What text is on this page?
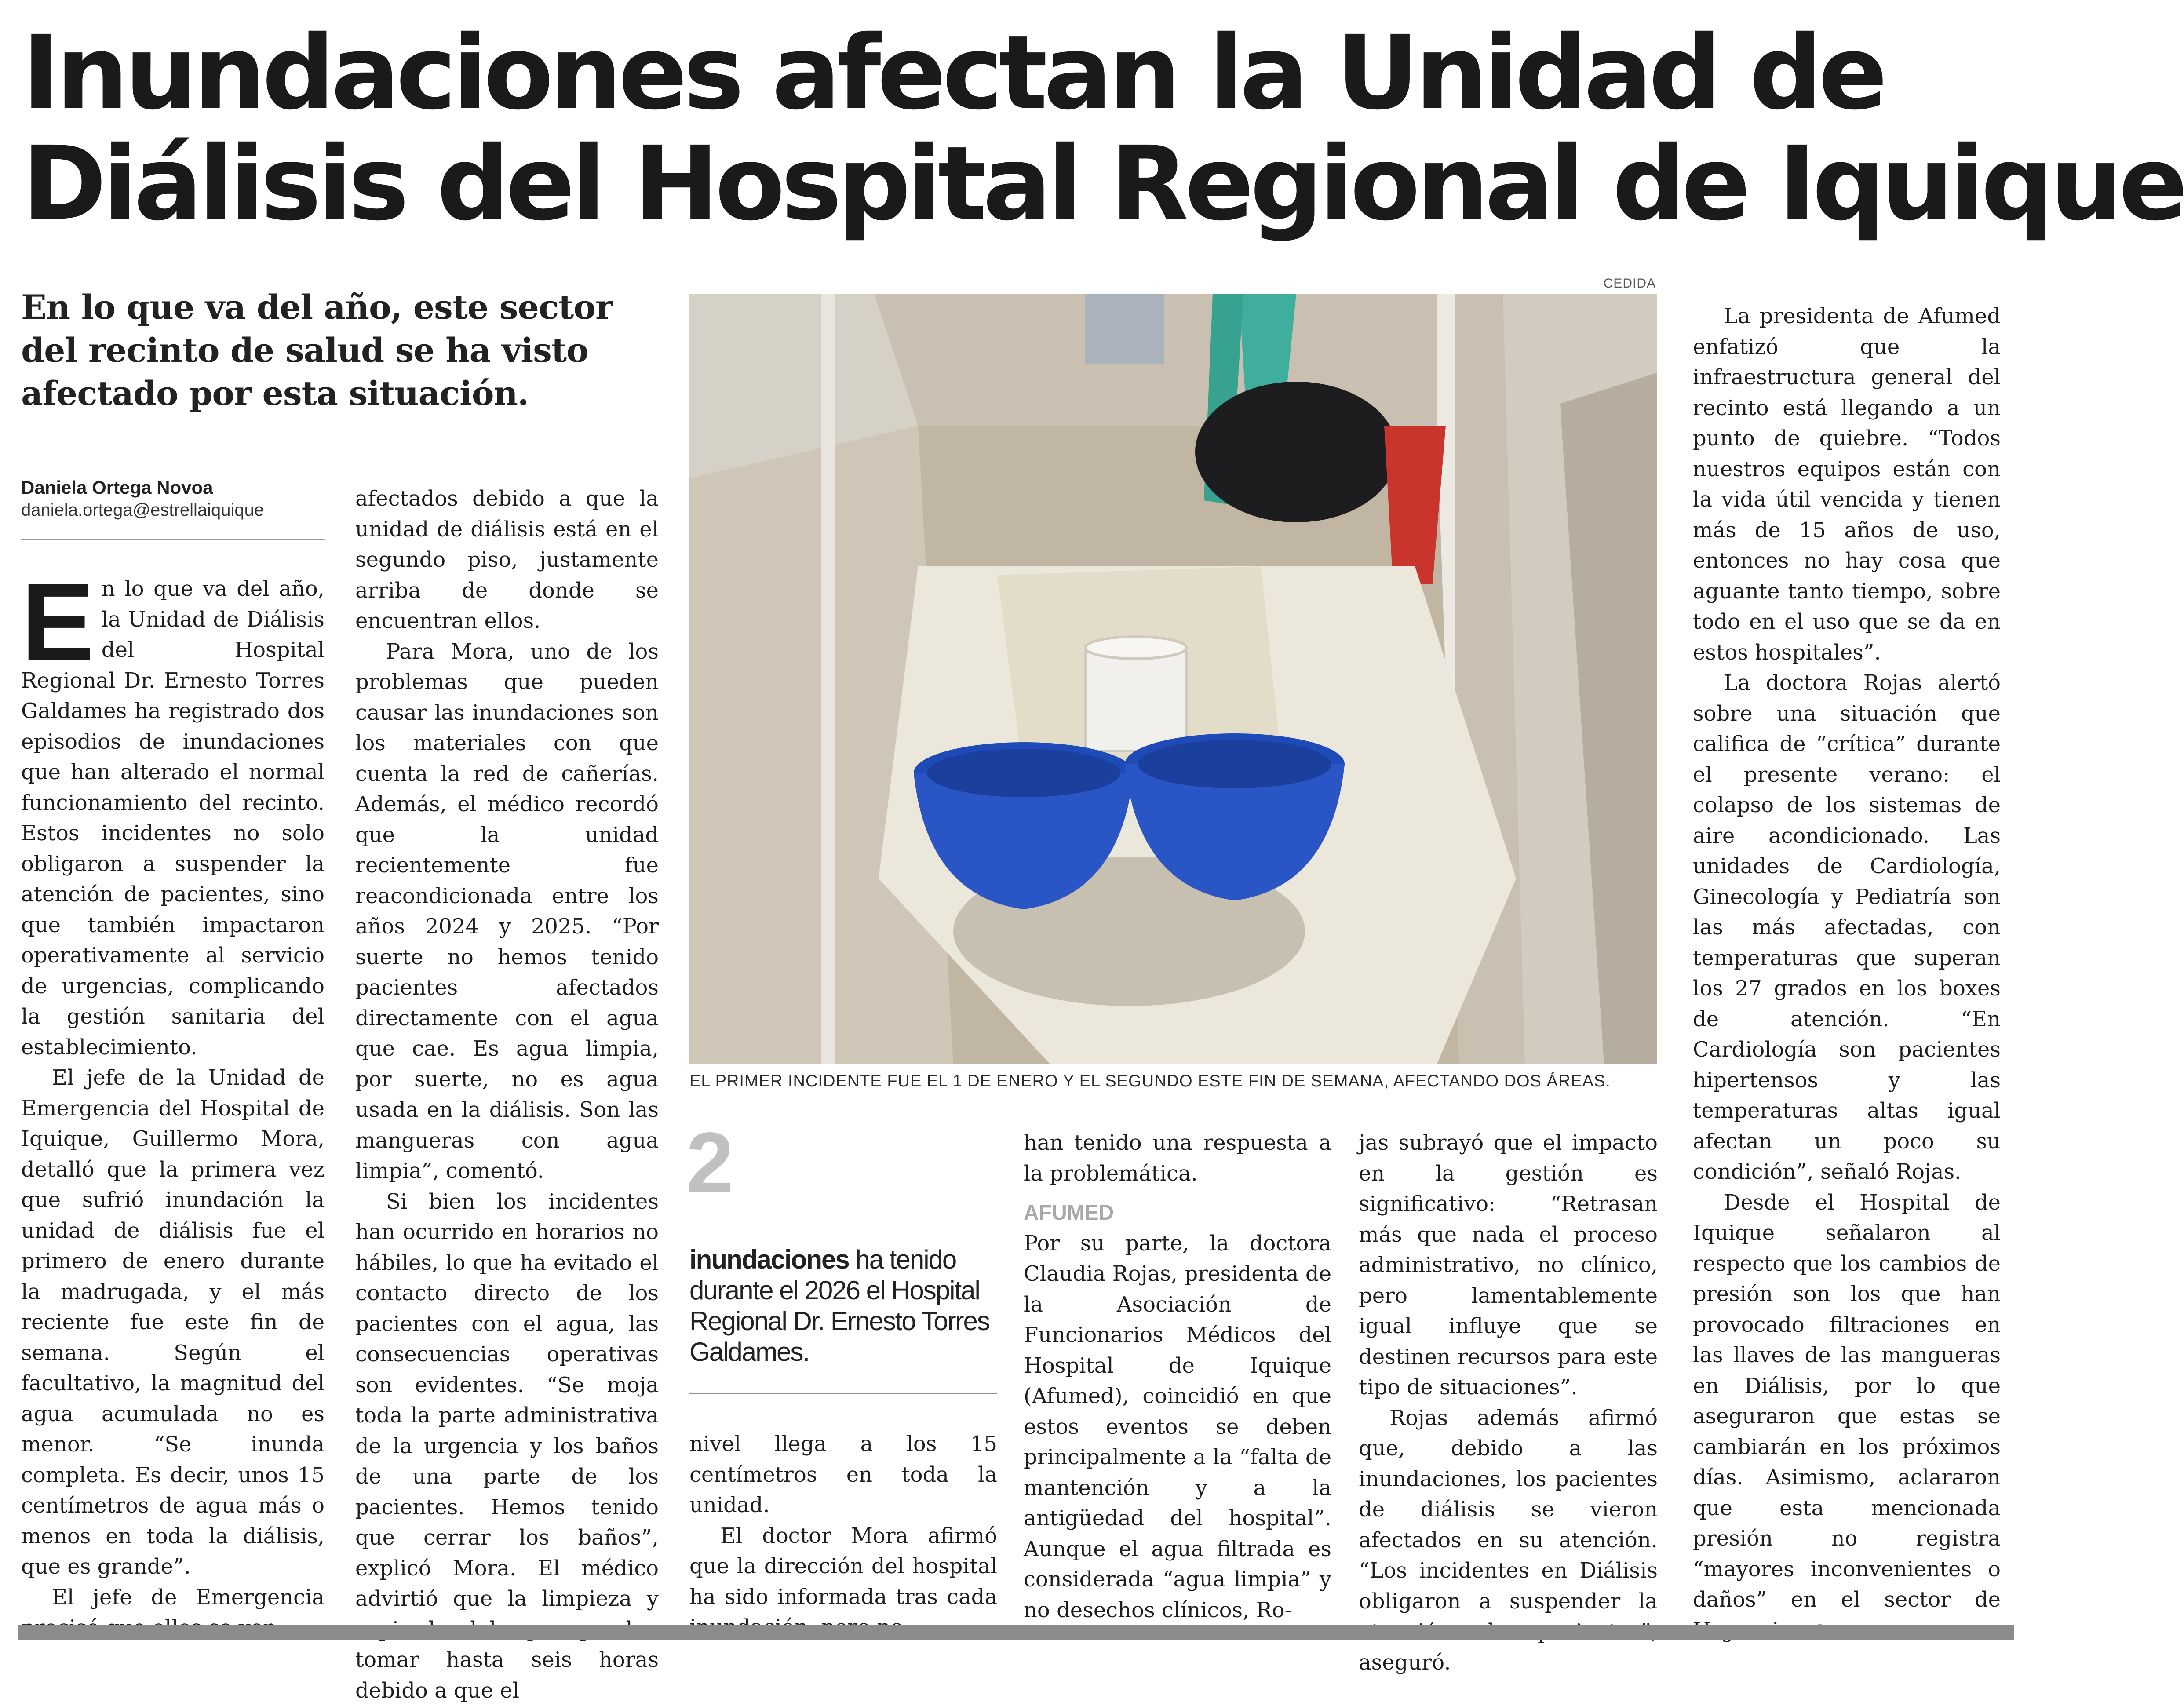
Inundaciones afectan la Unidad de
Diálisis del Hospital Regional de Iquique
En lo que va del año, este sector del recinto de salud se ha visto afectado por esta situación.
Daniela Ortega Novoa
daniela.ortega@estrellaiquique

En lo que va del año, la Unidad de Diálisis del Hospital Regional Dr. Ernesto Torres Galdames ha registrado dos episodios de inundaciones que han alterado el normal funcionamiento del recinto. Estos incidentes no solo obligaron a suspender la atención de pacientes, sino que también impactaron operativamente al servicio de urgencias, complicando la gestión sanitaria del establecimiento.

El jefe de la Unidad de Emergencia del Hospital de Iquique, Guillermo Mora, detalló que la primera vez que sufrió inundación la unidad de diálisis fue el primero de enero durante la madrugada, y el más reciente fue este fin de semana. Según el facultativo, la magnitud del agua acumulada no es menor. “Se inunda completa. Es decir, unos 15 centímetros de agua más o menos en toda la diálisis, que es grande”.

El jefe de Emergencia

afectados debido a que la unidad de diálisis está en el segundo piso, justamente arriba de donde se encuentran ellos.

Para Mora, uno de los problemas que pueden causar las inundaciones son los materiales con que cuenta la red de cañerías. Además, el médico recordó que la unidad recientemente fue reacondicionada entre los años 2024 y 2025. “Por suerte no hemos tenido pacientes afectados directamente con el agua que cae. Es agua limpia, por suerte, no es agua usada en la diálisis. Son las mangueras con agua limpia”, comentó.

Si bien los incidentes han ocurrido en horarios no hábiles, lo que ha evitado el contacto directo de los pacientes con el agua, las consecuencias operativas son evidentes. “Se moja toda la parte administrativa de la urgencia y los baños de una parte de los pacientes. Hemos tenido que cerrar los baños”, explicó Mora. El médico advirtió que la limpieza y tomar hasta seis horas debido a que el

CEDIDA
EL PRIMER INCIDENTE FUE EL 1 DE ENERO Y EL SEGUNDO ESTE FIN DE SEMANA, AFECTANDO DOS ÁREAS.
2
inundaciones ha tenido durante el 2026 el Hospital Regional Dr. Ernesto Torres Galdames.

nivel llega a los 15 centímetros en toda la unidad.

El doctor Mora afirmó que la dirección del hospital ha sido informada tras cada

han tenido una respuesta a la problemática.

AFUMED

Por su parte, la doctora Claudia Rojas, presidenta de la Asociación de Funcionarios Médicos del Hospital de Iquique (Afumed), coincidió en que estos eventos se deben principalmente a la “falta de mantención y a la antigüedad del hospital”. Aunque el agua filtrada es considerada “agua limpia” y no desechos clínicos, Ro-

jas subrayó que el impacto en la gestión es significativo: “Retrasan más que nada el proceso administrativo, no clínico, pero lamentablemente igual influye que se destinen recursos para este tipo de situaciones”.

Rojas además afirmó que, debido a las inundaciones, los pacientes de diálisis se vieron afectados en su atención. “Los incidentes en Diálisis obligaron a suspender la aseguró.

La presidenta de Afumed enfatizó que la infraestructura general del recinto está llegando a un punto de quiebre. “Todos nuestros equipos están con la vida útil vencida y tienen más de 15 años de uso, entonces no hay cosa que aguante tanto tiempo, sobre todo en el uso que se da en estos hospitales”.

La doctora Rojas alertó sobre una situación que califica de “crítica” durante el presente verano: el colapso de los sistemas de aire acondicionado. Las unidades de Cardiología, Ginecología y Pediatría son las más afectadas, con temperaturas que superan los 27 grados en los boxes de atención. “En Cardiología son pacientes hipertensos y las temperaturas altas igual afectan un poco su condición”, señaló Rojas.

Desde el Hospital de Iquique señalaron al respecto que los cambios de presión son los que han provocado filtraciones en las llaves de las mangueras en Diálisis, por lo que aseguraron que estas se cambiarán en los próximos días. Asimismo, aclararon que esta mencionada presión no registra “mayores inconvenientes o daños” en el sector de
